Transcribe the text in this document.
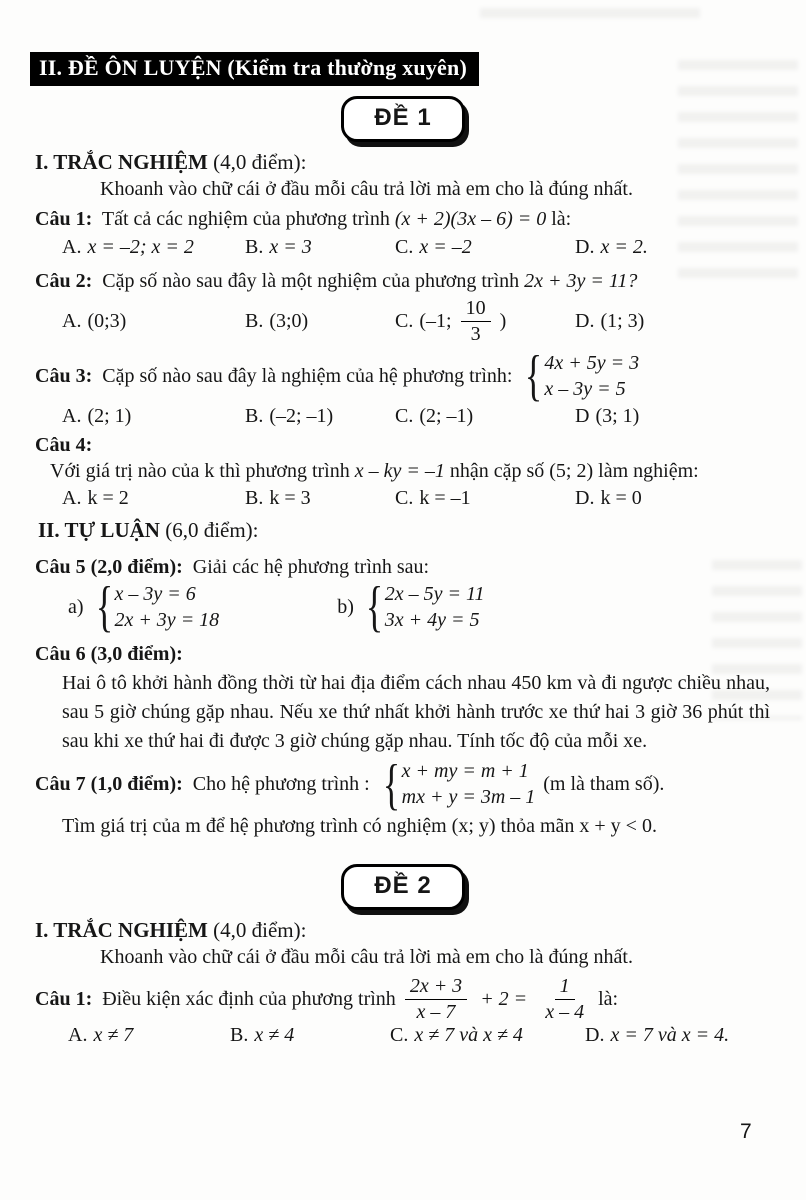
II. ĐỀ ÔN LUYỆN (Kiểm tra thường xuyên)
ĐỀ 1
I. TRẮC NGHIỆM (4,0 điểm):
Khoanh vào chữ cái ở đầu mỗi câu trả lời mà em cho là đúng nhất.
Câu 1: Tất cả các nghiệm của phương trình (x + 2)(3x – 6) = 0 là:
A. x = –2; x = 2	B. x = 3	C. x = –2	D. x = 2.
Câu 2: Cặp số nào sau đây là một nghiệm của phương trình 2x + 3y = 11?
A. (0;3)	B. (3;0)	C. (–1; $\frac{10}{3}$ )	D. (1; 3)
Câu 3: Cặp số nào sau đây là nghiệm của hệ phương trình: { 4x + 5y = 3
x – 3y = 5
A. (2; 1)	B. (–2; –1)	C. (2; –1)	D (3; 1)
Câu 4:
Với giá trị nào của k thì phương trình x – ky = –1 nhận cặp số (5; 2) làm nghiệm:
A. k = 2	B. k = 3	C. k = –1	D. k = 0
II. TỰ LUẬN (6,0 điểm):
Câu 5 (2,0 điểm): Giải các hệ phương trình sau:
a) { x – 3y = 6
2x + 3y = 18
b) { 2x – 5y = 11
3x + 4y = 5
Câu 6 (3,0 điểm):
Hai ô tô khởi hành đồng thời từ hai địa điểm cách nhau 450 km và đi ngược chiều nhau, sau 5 giờ chúng gặp nhau. Nếu xe thứ nhất khởi hành trước xe thứ hai 3 giờ 36 phút thì sau khi xe thứ hai đi được 3 giờ chúng gặp nhau. Tính tốc độ của mỗi xe.
Câu 7 (1,0 điểm): Cho hệ phương trình : { x + my = m + 1
mx + y = 3m – 1
(m là tham số).
Tìm giá trị của m để hệ phương trình có nghiệm (x; y) thỏa mãn x + y < 0.
ĐỀ 2
I. TRẮC NGHIỆM (4,0 điểm):
Khoanh vào chữ cái ở đầu mỗi câu trả lời mà em cho là đúng nhất.
Câu 1: Điều kiện xác định của phương trình $\frac{2x + 3}{x - 7} + 2 = \frac{1}{x - 4}$ là:
A. x ≠ 7	B. x ≠ 4	C. x ≠ 7 và x ≠ 4	D. x = 7 và x = 4.
7
